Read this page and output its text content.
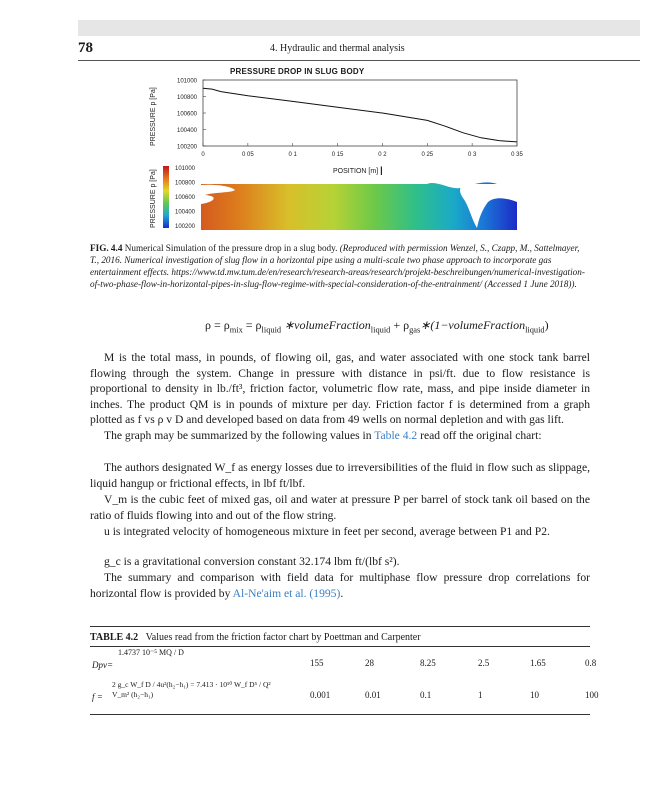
78	4. Hydraulic and thermal analysis
PRESSURE DROP IN SLUG BODY
PRESSURE p [Pa]
101000
100800
100600
100400
100200
0	0 05	0 1	0 15	0 2	0 25	0 3	0 35
POSITION [m] |
PRESSURE p [Pa]
101000
100800
100600
100400
100200
FIG. 4.4 Numerical Simulation of the pressure drop in a slug body. (Reproduced with permission Wenzel, S., Czapp, M., Sattelmayer, T., 2016. Numerical investigation of slug flow in a horizontal pipe using a multi-scale two phase approach to incorporate gas entertainment effects. https://www.td.mw.tum.de/en/research/research-areas/research/projekt-beschreibungen/numerical-investigation-of-two-phase-flow-in-horizontal-pipes-in-slug-flow-regime-with-special-consideration-of-the-entrainment/ (Accessed 1 June 2018)).
$\rho = \rho_{mix} = \rho_{liquid}$ ∗volumeFraction$_{liquid}$ + $\rho_{gas}∗(1-volumeFraction_{liquid})$
M is the total mass, in pounds, of flowing oil, gas, and water associated with one stock tank barrel flowing through the system. Change in pressure with distance in psi/ft. due to flow resistance is proportional to density in lb./ft³, friction factor, volumetric flow rate, mass, and pipe inside diameter in inches. The product QM is in pounds of mixture per day. Friction factor f is determined from a graph plotted as f vs ρ v D and developed based on data from 49 wells on normal depletion and with gas lift.
The graph may be summarized by the following values in Table 4.2 read off the original chart:
The authors designated W_f as energy losses due to irreversibilities of the fluid in flow such as slippage, liquid hangup or frictional effects, in lbf ft/lbf.
V_m is the cubic feet of mixed gas, oil and water at pressure P per barrel of stock tank oil based on the ratio of fluids flowing into and out of the flow string.
u is integrated velocity of homogeneous mixture in feet per second, average between P1 and P2.
g_c is a gravitational conversion constant 32.174 lbm ft/(lbf s²).
The summary and comparison with field data for multiphase flow pressure drop correlations for horizontal flow is provided by Al-Ne'aim et al. (1995).
TABLE 4.2 Values read from the friction factor chart by Poettman and Carpenter
Dpv=
1.4737 10⁻⁵ MQ / D
155	28	8.25	2.5	1.65	0.8
f =
2 g_c W_f D / 4u²(h₂−h₁) = 7.413 · 10¹⁰ W_f D⁵ / Q² V_m² (h₂−h₁)	0.001	0.01	0.1	1	10	100
